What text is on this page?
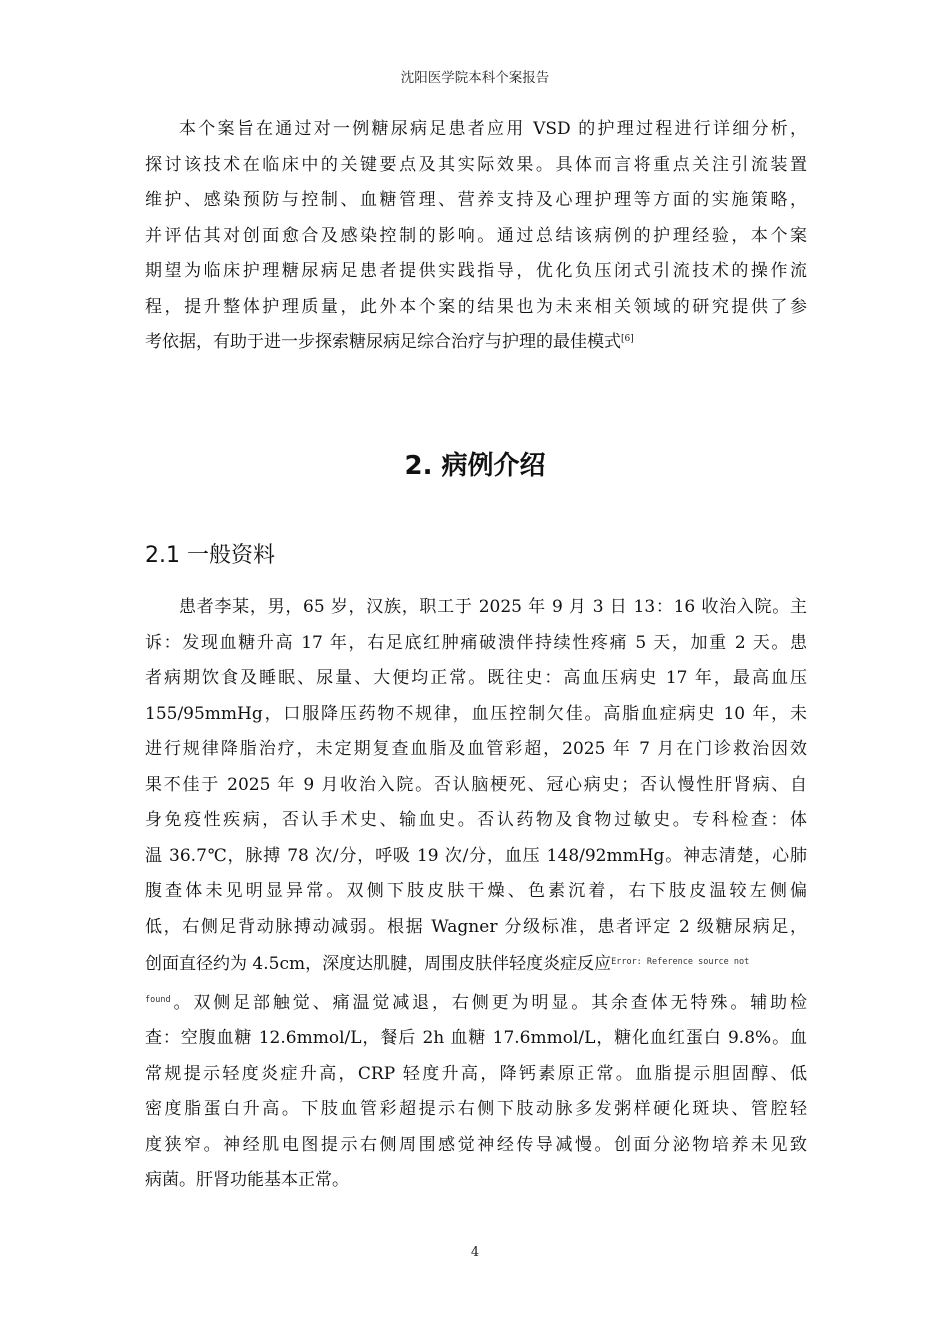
沈阳医学院本科个案报告
本个案旨在通过对一例糖尿病足患者应用 VSD 的护理过程进行详细分析，
探讨该技术在临床中的关键要点及其实际效果。具体而言将重点关注引流装置
维护、感染预防与控制、血糖管理、营养支持及心理护理等方面的实施策略，
并评估其对创面愈合及感染控制的影响。通过总结该病例的护理经验，本个案
期望为临床护理糖尿病足患者提供实践指导，优化负压闭式引流技术的操作流
程，提升整体护理质量，此外本个案的结果也为未来相关领域的研究提供了参
考依据，有助于进一步探索糖尿病足综合治疗与护理的最佳模式[6]
2. 病例介绍
2.1 一般资料
患者李某，男，65 岁，汉族，职工于 2025 年 9 月 3 日 13：16 收治入院。主
诉：发现血糖升高 17 年，右足底红肿痛破溃伴持续性疼痛 5 天，加重 2 天。患
者病期饮食及睡眠、尿量、大便均正常。既往史：高血压病史 17 年，最高血压
155/95mmHg，口服降压药物不规律，血压控制欠佳。高脂血症病史 10 年，未
进行规律降脂治疗，未定期复查血脂及血管彩超，2025 年 7 月在门诊救治因效
果不佳于 2025 年 9 月收治入院。否认脑梗死、冠心病史；否认慢性肝肾病、自
身免疫性疾病，否认手术史、输血史。否认药物及食物过敏史。专科检查：体
温 36.7℃，脉搏 78 次/分，呼吸 19 次/分，血压 148/92mmHg。神志清楚，心肺
腹查体未见明显异常。双侧下肢皮肤干燥、色素沉着，右下肢皮温较左侧偏
低，右侧足背动脉搏动减弱。根据 Wagner 分级标准，患者评定 2 级糖尿病足，
创面直径约为 4.5cm，深度达肌腱，周围皮肤伴轻度炎症反应$^{Error: Reference source not}$
$^{found}$。双侧足部触觉、痛温觉减退，右侧更为明显。其余查体无特殊。辅助检
查：空腹血糖 12.6mmol/L，餐后 2h 血糖 17.6mmol/L，糖化血红蛋白 9.8%。血
常规提示轻度炎症升高，CRP 轻度升高，降钙素原正常。血脂提示胆固醇、低
密度脂蛋白升高。下肢血管彩超提示右侧下肢动脉多发粥样硬化斑块、管腔轻
度狭窄。神经肌电图提示右侧周围感觉神经传导减慢。创面分泌物培养未见致
病菌。肝肾功能基本正常。
4
